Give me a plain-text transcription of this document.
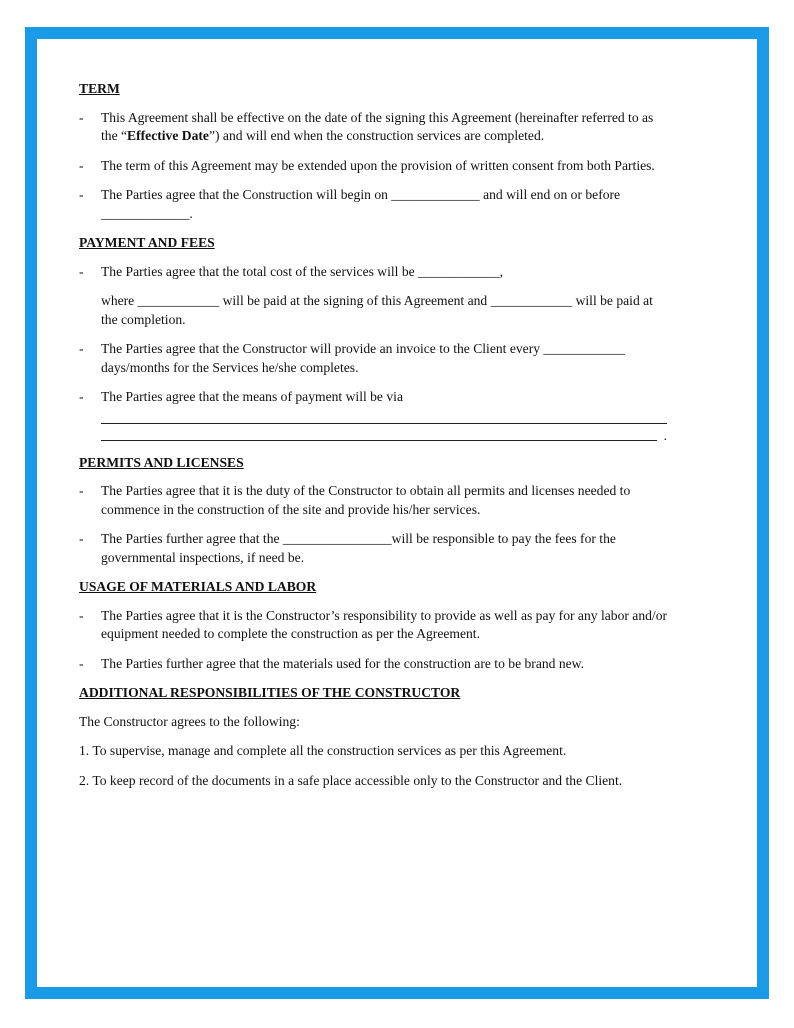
TERM
- This Agreement shall be effective on the date of the signing this Agreement (hereinafter referred to as the “Effective Date”) and will end when the construction services are completed.
- The term of this Agreement may be extended upon the provision of written consent from both Parties.
- The Parties agree that the Construction will begin on _____________ and will end on or before _____________.
PAYMENT AND FEES
- The Parties agree that the total cost of the services will be ____________,
where ____________ will be paid at the signing of this Agreement and ____________ will be paid at the completion.
- The Parties agree that the Constructor will provide an invoice to the Client every ____________ days/months for the Services he/she completes.
- The Parties agree that the means of payment will be via
.
PERMITS AND LICENSES
- The Parties agree that it is the duty of the Constructor to obtain all permits and licenses needed to commence in the construction of the site and provide his/her services.
- The Parties further agree that the ________________will be responsible to pay the fees for the governmental inspections, if need be.
USAGE OF MATERIALS AND LABOR
- The Parties agree that it is the Constructor’s responsibility to provide as well as pay for any labor and/or equipment needed to complete the construction as per the Agreement.
- The Parties further agree that the materials used for the construction are to be brand new.
ADDITIONAL RESPONSIBILITIES OF THE CONSTRUCTOR
The Constructor agrees to the following:
1. To supervise, manage and complete all the construction services as per this Agreement.
2. To keep record of the documents in a safe place accessible only to the Constructor and the Client.
